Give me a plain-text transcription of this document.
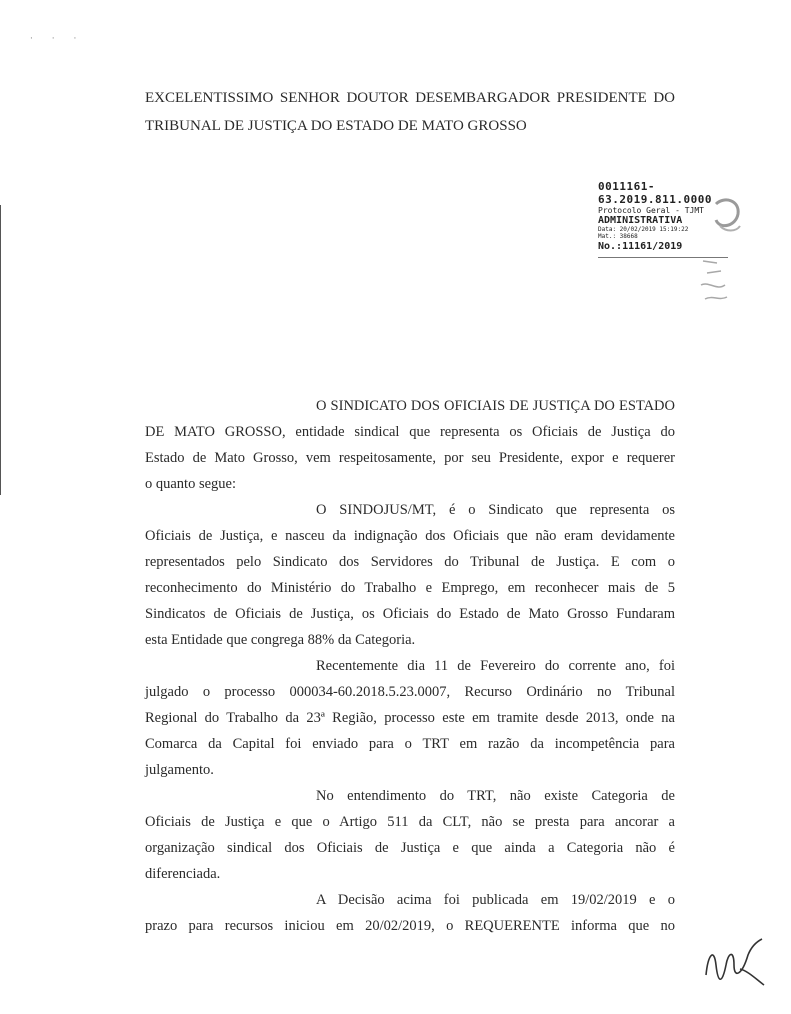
· · ·
EXCELENTISSIMO SENHOR DOUTOR DESEMBARGADOR PRESIDENTE DO
TRIBUNAL DE JUSTIÇA DO ESTADO DE MATO GROSSO
0011161-63.2019.811.0000
Protocolo Geral - TJMT
ADMINISTRATIVA
Data: 20/02/2019 15:19:22
Mat.: 38668
No.:11161/2019

O SINDICATO DOS OFICIAIS DE JUSTIÇA DO ESTADO
DE MATO GROSSO, entidade sindical que representa os Oficiais de Justiça do
Estado de Mato Grosso, vem respeitosamente, por seu Presidente, expor e requerer
o quanto segue:

O SINDOJUS/MT, é o Sindicato que representa os
Oficiais de Justiça, e nasceu da indignação dos Oficiais que não eram devidamente
representados pelo Sindicato dos Servidores do Tribunal de Justiça. E com o
reconhecimento do Ministério do Trabalho e Emprego, em reconhecer mais de 5
Sindicatos de Oficiais de Justiça, os Oficiais do Estado de Mato Grosso Fundaram
esta Entidade que congrega 88% da Categoria.

Recentemente dia 11 de Fevereiro do corrente ano, foi
julgado o processo 000034-60.2018.5.23.0007, Recurso Ordinário no Tribunal
Regional do Trabalho da 23ª Região, processo este em tramite desde 2013, onde na
Comarca da Capital foi enviado para o TRT em razão da incompetência para
julgamento.

No entendimento do TRT, não existe Categoria de
Oficiais de Justiça e que o Artigo 511 da CLT, não se presta para ancorar a
organização sindical dos Oficiais de Justiça e que ainda a Categoria não é
diferenciada.

A Decisão acima foi publicada em 19/02/2019 e o
prazo para recursos iniciou em 20/02/2019, o REQUERENTE informa que no
